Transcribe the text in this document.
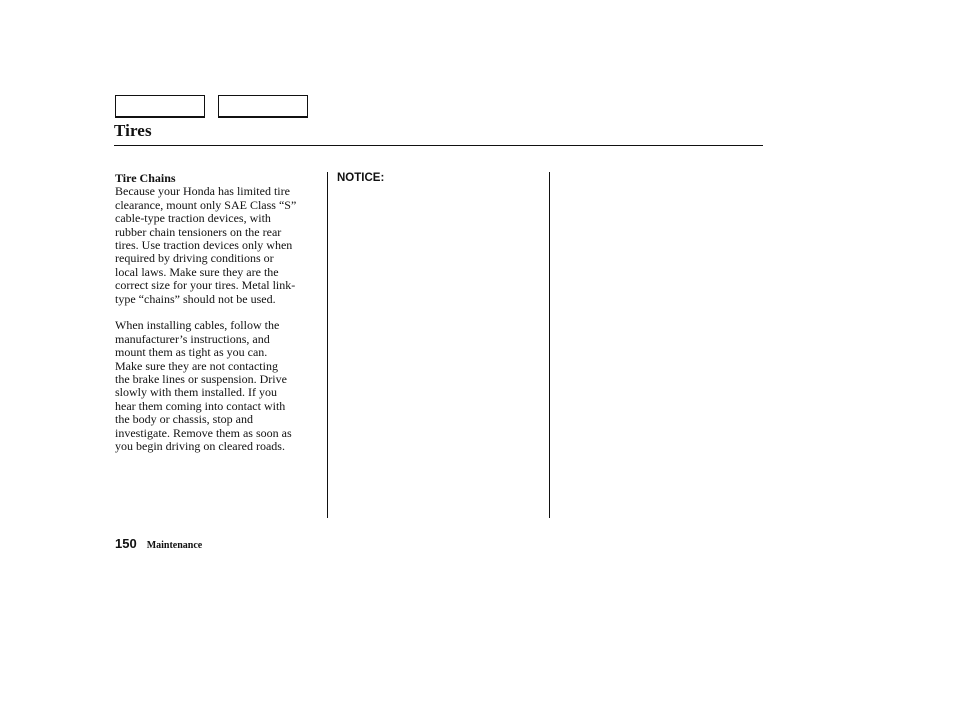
Tires

Tire Chains

Because your Honda has limited tire
clearance, mount only SAE Class “S”
cable-type traction devices, with
rubber chain tensioners on the rear
tires. Use traction devices only when
required by driving conditions or
local laws. Make sure they are the
correct size for your tires. Metal link-
type “chains” should not be used.

When installing cables, follow the
manufacturer’s instructions, and
mount them as tight as you can.
Make sure they are not contacting
the brake lines or suspension. Drive
slowly with them installed. If you
hear them coming into contact with
the body or chassis, stop and
investigate. Remove them as soon as
you begin driving on cleared roads.

NOTICE:

150 Maintenance
